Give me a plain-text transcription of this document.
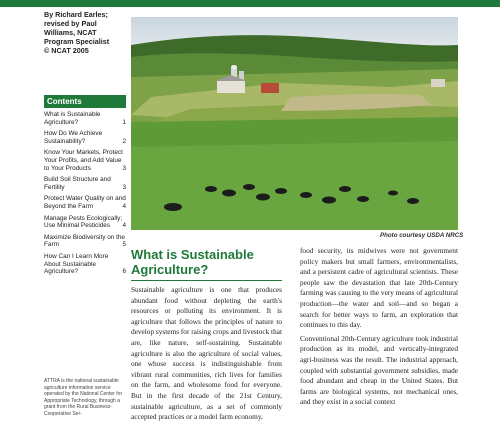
By Richard Earles;
revised by Paul
Williams, NCAT
Program Specialist
© NCAT 2005
Contents
What is Sustainable Agriculture?	1
How Do We Achieve Sustainability?	2
Know Your Markets, Protect Your Profits, and Add Value to Your Products	3
Build Soil Structure and Fertility	3
Protect Water Quality on and Beyond the Farm	4
Manage Pests Ecologically; Use Minimal Pesticides 4
Maximize Biodiversity on the Farm	5
How Can I Learn More About Sustainable Agriculture?	6
ATTRA is the national sustainable agriculture information service operated by the National Center for Appropriate Technology, through a grant from the Rural Business-Cooperative Ser-
Photo courtesy USDA NRCS
What is Sustainable Agriculture?

Sustainable agriculture is one that produces abundant food without depleting the earth's resources or polluting its environment. It is agriculture that follows the principles of nature to develop systems for raising crops and livestock that are, like nature, self-sustaining. Sustainable agriculture is also the agriculture of social values, one whose success is indistinguishable from vibrant rural communities, rich lives for families on the farm, and wholesome food for everyone. But in the first decade of the 21st Century, sustainable agriculture, as a set of commonly accepted practices or a model farm economy,

food security, its midwives were not government policy makers but small farmers, environmentalists, and a persistent cadre of agricultural scientists. These people saw the devastation that late 20th-Century farming was causing to the very means of agricultural production—the water and soil—and so began a search for better ways to farm, an exploration that continues to this day.

Conventional 20th-Century agriculture took industrial production as its model, and vertically-integrated agri-business was the result. The industrial approach, coupled with substantial government subsidies, made food abundant and cheap in the United States. But farms are biological systems, not mechanical ones, and they exist in a social context
